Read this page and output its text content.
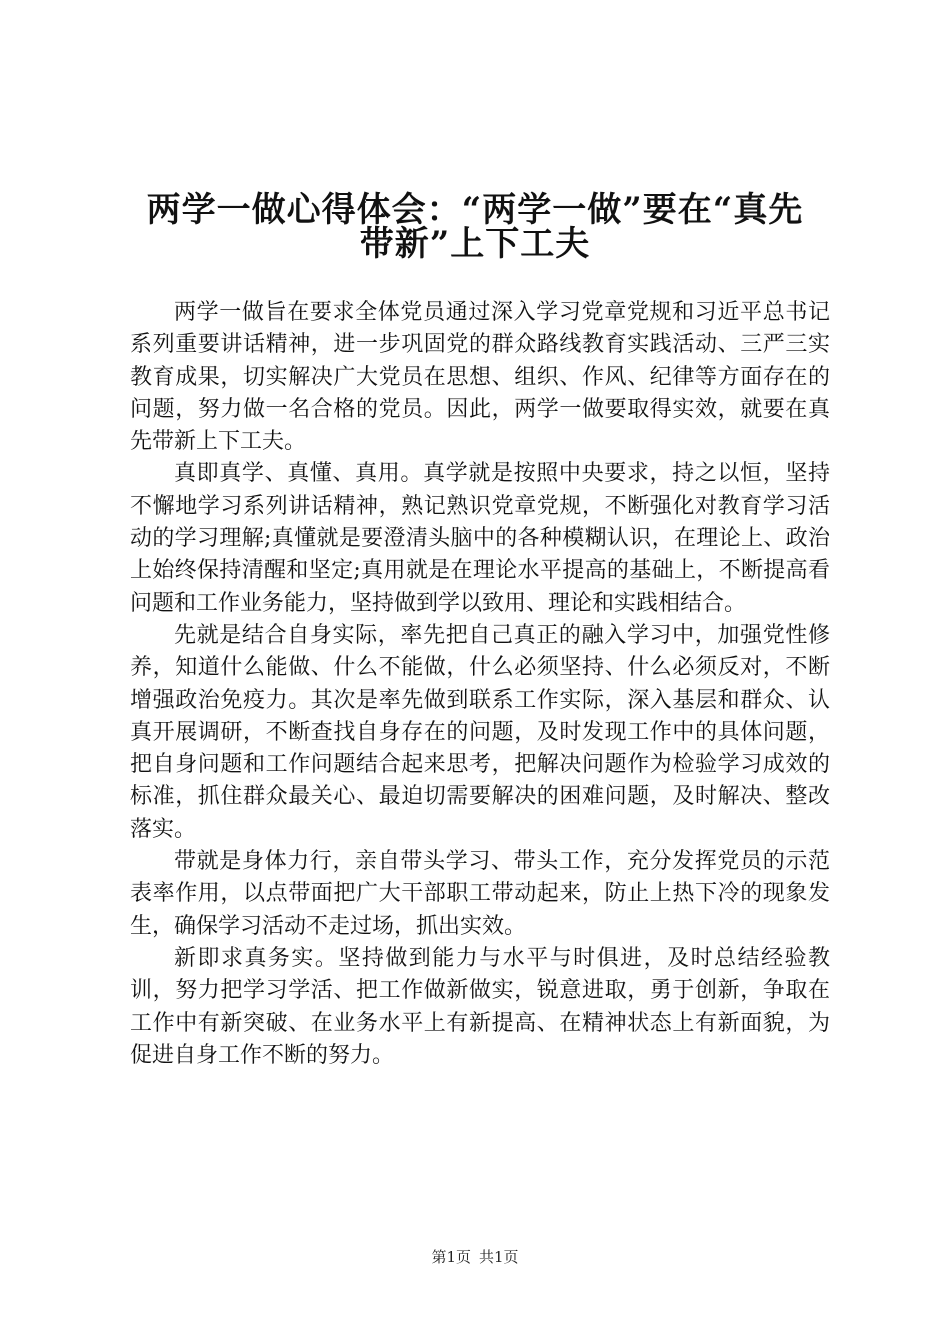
两学一做心得体会：“两学一做”要在“真先
带新”上下工夫

两学一做旨在要求全体党员通过深入学习党章党规和习近平总书记系列重要讲话精神，进一步巩固党的群众路线教育实践活动、三严三实教育成果，切实解决广大党员在思想、组织、作风、纪律等方面存在的问题，努力做一名合格的党员。因此，两学一做要取得实效，就要在真先带新上下工夫。

真即真学、真懂、真用。真学就是按照中央要求，持之以恒，坚持不懈地学习系列讲话精神，熟记熟识党章党规，不断强化对教育学习活动的学习理解;真懂就是要澄清头脑中的各种模糊认识，在理论上、政治上始终保持清醒和坚定;真用就是在理论水平提高的基础上，不断提高看问题和工作业务能力，坚持做到学以致用、理论和实践相结合。

先就是结合自身实际，率先把自己真正的融入学习中，加强党性修养，知道什么能做、什么不能做，什么必须坚持、什么必须反对，不断增强政治免疫力。其次是率先做到联系工作实际，深入基层和群众、认真开展调研，不断查找自身存在的问题，及时发现工作中的具体问题，把自身问题和工作问题结合起来思考，把解决问题作为检验学习成效的标准，抓住群众最关心、最迫切需要解决的困难问题，及时解决、整改落实。

带就是身体力行，亲自带头学习、带头工作，充分发挥党员的示范表率作用，以点带面把广大干部职工带动起来，防止上热下冷的现象发生，确保学习活动不走过场，抓出实效。

新即求真务实。坚持做到能力与水平与时俱进，及时总结经验教训，努力把学习学活、把工作做新做实，锐意进取，勇于创新，争取在工作中有新突破、在业务水平上有新提高、在精神状态上有新面貌，为促进自身工作不断的努力。

第1页 共1页
